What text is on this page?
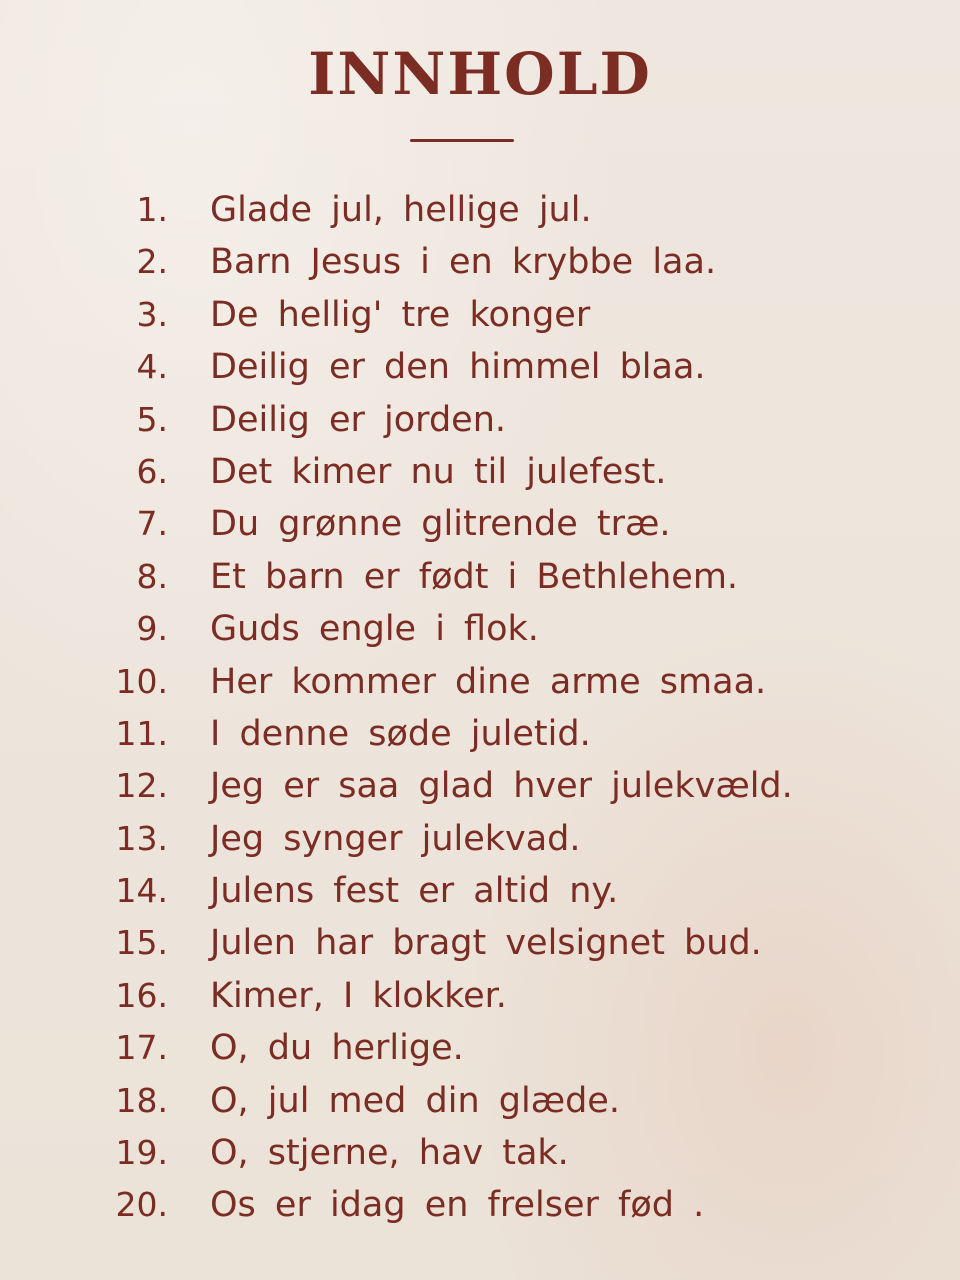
INNHOLD
1. Glade jul, hellige jul.
2. Barn Jesus i en krybbe laa.
3. De hellig' tre konger
4. Deilig er den himmel blaa.
5. Deilig er jorden.
6. Det kimer nu til julefest.
7. Du grønne glitrende træ.
8. Et barn er født i Bethlehem.
9. Guds engle i flok.
10. Her kommer dine arme smaa.
11. I denne søde juletid.
12. Jeg er saa glad hver julekvæld.
13. Jeg synger julekvad.
14. Julens fest er altid ny.
15. Julen har bragt velsignet bud.
16. Kimer, I klokker.
17. O, du herlige.
18. O, jul med din glæde.
19. O, stjerne, hav tak.
20. Os er idag en frelser fød .
